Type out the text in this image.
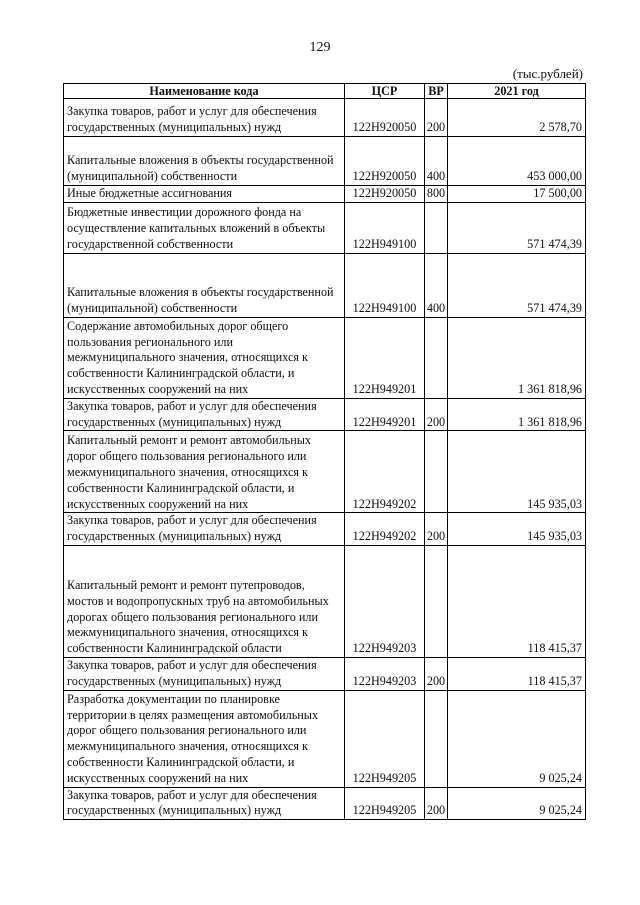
129
(тыс.рублей)
Наименование кода	ЦСР	ВР	2021 год
Закупка товаров, работ и услуг для обеспечения государственных (муниципальных) нужд	122H920050	200	2 578,70
Капитальные вложения в объекты государственной (муниципальной) собственности	122H920050	400	453 000,00
Иные бюджетные ассигнования	122H920050	800	17 500,00
Бюджетные инвестиции дорожного фонда на осуществление капитальных вложений в объекты государственной собственности	122H949100		571 474,39
Капитальные вложения в объекты государственной (муниципальной) собственности	122H949100	400	571 474,39
Содержание автомобильных дорог общего пользования регионального или межмуниципального значения, относящихся к собственности Калининградской области, и искусственных сооружений на них	122H949201		1 361 818,96
Закупка товаров, работ и услуг для обеспечения государственных (муниципальных) нужд	122H949201	200	1 361 818,96
Капитальный ремонт и ремонт автомобильных дорог общего пользования регионального или межмуниципального значения, относящихся к собственности Калининградской области, и искусственных сооружений на них	122H949202		145 935,03
Закупка товаров, работ и услуг для обеспечения государственных (муниципальных) нужд	122H949202	200	145 935,03
Капитальный ремонт и ремонт путепроводов, мостов и водопропускных труб на автомобильных дорогах общего пользования регионального или межмуниципального значения, относящихся к собственности Калининградской области	122H949203		118 415,37
Закупка товаров, работ и услуг для обеспечения государственных (муниципальных) нужд	122H949203	200	118 415,37
Разработка документации по планировке территории в целях размещения автомобильных дорог общего пользования регионального или межмуниципального значения, относящихся к собственности Калининградской области, и искусственных сооружений на них	122H949205		9 025,24
Закупка товаров, работ и услуг для обеспечения государственных (муниципальных) нужд	122H949205	200	9 025,24
